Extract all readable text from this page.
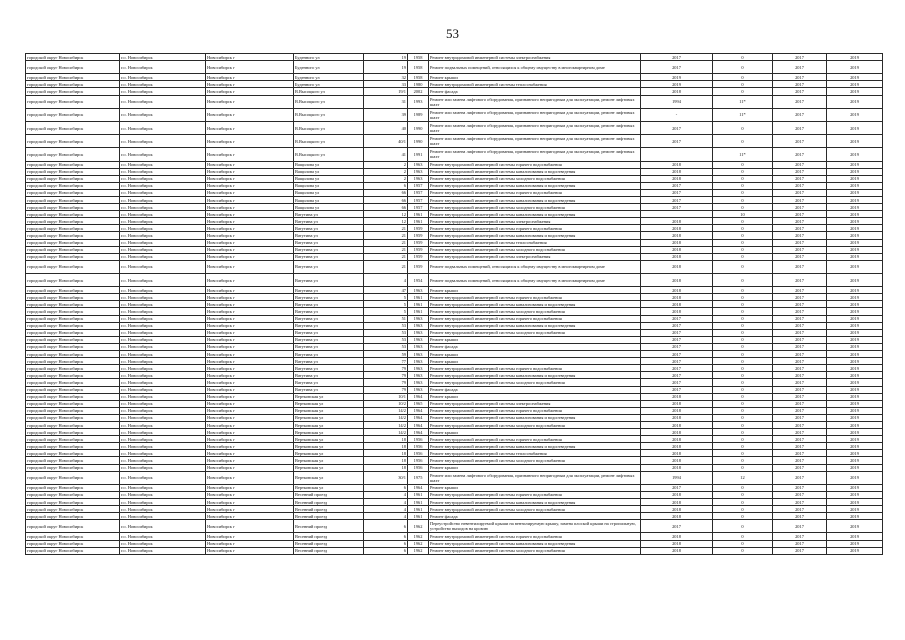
53
городской округ Новосибирск	г.о. Новосибирск	Новосибирск г	Буденного ул	19	1958	Ремонт внутридомовой инженерной системы электроснабжения	2017	0	2017	2019
городской округ Новосибирск	г.о. Новосибирск	Новосибирск г	Буденного ул	19	1958	Ремонт подвальных помещений, относящихся к общему имуществу в многоквартирном доме	2017	0	2017	2019
городской округ Новосибирск	г.о. Новосибирск	Новосибирск г	Буденного ул	32	1958	Ремонт крыши	2019	0	2017	2019
городской округ Новосибирск	г.о. Новосибирск	Новосибирск г	Буденного ул	33	1980	Ремонт внутридомовой инженерной системы теплоснабжения	2019	0	2017	2019
городской округ Новосибирск	г.о. Новосибирск	Новосибирск г	В.Высоцкого ул	19/1	2002	Ремонт фасада	2018	0	2017	2019
городской округ Новосибирск	г.о. Новосибирск	Новосибирск г	В.Высоцкого ул	31	1993	Ремонт или замена лифтового оборудования, признанного непригодным для эксплуатации, ремонт лифтовых шахт	1994	11*	2017	2019
городской округ Новосибирск	г.о. Новосибирск	Новосибирск г	В.Высоцкого ул	39	1989	Ремонт или замена лифтового оборудования, признанного непригодным для эксплуатации, ремонт лифтовых шахт	-	11*	2017	2019
городской округ Новосибирск	г.о. Новосибирск	Новосибирск г	В.Высоцкого ул	40	1990	Ремонт или замена лифтового оборудования, признанного непригодным для эксплуатации, ремонт лифтовых шахт	2017	0	2017	2019
городской округ Новосибирск	г.о. Новосибирск	Новосибирск г	В.Высоцкого ул	40/1	1990	Ремонт или замена лифтового оборудования, признанного непригодным для эксплуатации, ремонт лифтовых шахт	2017	0	2017	2019
городской округ Новосибирск	г.о. Новосибирск	Новосибирск г	В.Высоцкого ул	41	1991	Ремонт или замена лифтового оборудования, признанного непригодным для эксплуатации, ремонт лифтовых шахт		11*	2017	2019
городской округ Новосибирск	г.о. Новосибирск	Новосибирск г	Ващилова ул	2	1963	Ремонт внутридомовой инженерной системы горячего водоснабжения	2018	0	2017	2019
городской округ Новосибирск	г.о. Новосибирск	Новосибирск г	Ващилова ул	2	1963	Ремонт внутридомовой инженерной системы канализования и водоотведения	2018	0	2017	2019
городской округ Новосибирск	г.о. Новосибирск	Новосибирск г	Ващилова ул	2	1963	Ремонт внутридомовой инженерной системы холодного водоснабжения	2018	0	2017	2019
городской округ Новосибирск	г.о. Новосибирск	Новосибирск г	Ващилова ул	6	1957	Ремонт внутридомовой инженерной системы канализования и водоотведения	2017	0	2017	2019
городской округ Новосибирск	г.о. Новосибирск	Новосибирск г	Ващилова ул	66	1957	Ремонт внутридомовой инженерной системы горячего водоснабжения	2017	0	2017	2019
городской округ Новосибирск	г.о. Новосибирск	Новосибирск г	Ващилова ул	66	1957	Ремонт внутридомовой инженерной системы канализования и водоотведения	2017	0	2017	2019
городской округ Новосибирск	г.о. Новосибирск	Новосибирск г	Ващилова ул	66	1957	Ремонт внутридомовой инженерной системы холодного водоснабжения	2017	0	2017	2019
городской округ Новосибирск	г.о. Новосибирск	Новосибирск г	Ватутина ул	12	1961	Ремонт внутридомовой инженерной системы канализования и водоотведения		10	2017	2019
городской округ Новосибирск	г.о. Новосибирск	Новосибирск г	Ватутина ул	12	1961	Ремонт внутридомовой инженерной системы электроснабжения	2018	0	2017	2019
городской округ Новосибирск	г.о. Новосибирск	Новосибирск г	Ватутина ул	21	1959	Ремонт внутридомовой инженерной системы горячего водоснабжения	2018	0	2017	2019
городской округ Новосибирск	г.о. Новосибирск	Новосибирск г	Ватутина ул	21	1959	Ремонт внутридомовой инженерной системы канализования и водоотведения	2018	0	2017	2019
городской округ Новосибирск	г.о. Новосибирск	Новосибирск г	Ватутина ул	21	1959	Ремонт внутридомовой инженерной системы теплоснабжения	2018	0	2017	2019
городской округ Новосибирск	г.о. Новосибирск	Новосибирск г	Ватутина ул	21	1959	Ремонт внутридомовой инженерной системы холодного водоснабжения	2018	0	2017	2019
городской округ Новосибирск	г.о. Новосибирск	Новосибирск г	Ватутина ул	21	1959	Ремонт внутридомовой инженерной системы электроснабжения	2018	0	2017	2019
городской округ Новосибирск	г.о. Новосибирск	Новосибирск г	Ватутина ул	21	1959	Ремонт подвальных помещений, относящихся к общему имуществу в многоквартирном доме	2018	0	2017	2019
городской округ Новосибирск	г.о. Новосибирск	Новосибирск г	Ватутина ул	4	1954	Ремонт подвальных помещений, относящихся к общему имуществу в многоквартирном доме	2018	0	2017	2019
городской округ Новосибирск	г.о. Новосибирск	Новосибирск г	Ватутина ул	47	1963	Ремонт крыши	2018	0	2017	2019
городской округ Новосибирск	г.о. Новосибирск	Новосибирск г	Ватутина ул	5	1961	Ремонт внутридомовой инженерной системы горячего водоснабжения	2018	0	2017	2019
городской округ Новосибирск	г.о. Новосибирск	Новосибирск г	Ватутина ул	5	1961	Ремонт внутридомовой инженерной системы канализования и водоотведения	2018	0	2017	2019
городской округ Новосибирск	г.о. Новосибирск	Новосибирск г	Ватутина ул	5	1961	Ремонт внутридомовой инженерной системы холодного водоснабжения	2018	0	2017	2019
городской округ Новосибирск	г.о. Новосибирск	Новосибирск г	Ватутина ул	51	1963	Ремонт внутридомовой инженерной системы горячего водоснабжения	2017	0	2017	2019
городской округ Новосибирск	г.о. Новосибирск	Новосибирск г	Ватутина ул	53	1963	Ремонт внутридомовой инженерной системы канализования и водоотведения	2017	0	2017	2019
городской округ Новосибирск	г.о. Новосибирск	Новосибирск г	Ватутина ул	53	1963	Ремонт внутридомовой инженерной системы холодного водоснабжения	2017	0	2017	2019
городской округ Новосибирск	г.о. Новосибирск	Новосибирск г	Ватутина ул	53	1963	Ремонт крыши	2017	0	2017	2019
городской округ Новосибирск	г.о. Новосибирск	Новосибирск г	Ватутина ул	53	1963	Ремонт фасада	2017	0	2017	2019
городской округ Новосибирск	г.о. Новосибирск	Новосибирск г	Ватутина ул	59	1963	Ремонт крыши	2017	0	2017	2019
городской округ Новосибирск	г.о. Новосибирск	Новосибирск г	Ватутина ул	77	1963	Ремонт крыши	2017	0	2017	2019
городской округ Новосибирск	г.о. Новосибирск	Новосибирск г	Ватутина ул	79	1963	Ремонт внутридомовой инженерной системы горячего водоснабжения	2017	0	2017	2019
городской округ Новосибирск	г.о. Новосибирск	Новосибирск г	Ватутина ул	79	1963	Ремонт внутридомовой инженерной системы канализования и водоотведения	2017	0	2017	2019
городской округ Новосибирск	г.о. Новосибирск	Новосибирск г	Ватутина ул	79	1963	Ремонт внутридомовой инженерной системы холодного водоснабжения	2017	0	2017	2019
городской округ Новосибирск	г.о. Новосибирск	Новосибирск г	Ватутина ул	79	1963	Ремонт фасада	2017	0	2017	2019
городской округ Новосибирск	г.о. Новосибирск	Новосибирск г	Вертковская ул	10/1	1964	Ремонт крыши	2018	0	2017	2019
городской округ Новосибирск	г.о. Новосибирск	Новосибирск г	Вертковская ул	10/2	1965	Ремонт внутридомовой инженерной системы электроснабжения	2018	0	2017	2019
городской округ Новосибирск	г.о. Новосибирск	Новосибирск г	Вертковская ул	14/2	1964	Ремонт внутридомовой инженерной системы горячего водоснабжения	2018	0	2017	2019
городской округ Новосибирск	г.о. Новосибирск	Новосибирск г	Вертковская ул	14/2	1964	Ремонт внутридомовой инженерной системы канализования и водоотведения	2018	0	2017	2019
городской округ Новосибирск	г.о. Новосибирск	Новосибирск г	Вертковская ул	14/2	1964	Ремонт внутридомовой инженерной системы холодного водоснабжения	2018	0	2017	2019
городской округ Новосибирск	г.о. Новосибирск	Новосибирск г	Вертковская ул	14/2	1964	Ремонт крыши	2018	0	2017	2019
городской округ Новосибирск	г.о. Новосибирск	Новосибирск г	Вертковская ул	18	1956	Ремонт внутридомовой инженерной системы горячего водоснабжения	2018	0	2017	2019
городской округ Новосибирск	г.о. Новосибирск	Новосибирск г	Вертковская ул	18	1956	Ремонт внутридомовой инженерной системы канализования и водоотведения	2018	0	2017	2019
городской округ Новосибирск	г.о. Новосибирск	Новосибирск г	Вертковская ул	18	1956	Ремонт внутридомовой инженерной системы теплоснабжения	2018	0	2017	2019
городской округ Новосибирск	г.о. Новосибирск	Новосибирск г	Вертковская ул	18	1956	Ремонт внутридомовой инженерной системы холодного водоснабжения	2018	0	2017	2019
городской округ Новосибирск	г.о. Новосибирск	Новосибирск г	Вертковская ул	18	1956	Ремонт крыши	2018	0	2017	2019
городской округ Новосибирск	г.о. Новосибирск	Новосибирск г	Вертковская ул	30/1	1975	Ремонт или замена лифтового оборудования, признанного непригодным для эксплуатации, ремонт лифтовых шахт	1994	12	2017	2019
городской округ Новосибирск	г.о. Новосибирск	Новосибирск г	Вертковская ул	6	1964	Ремонт крыши	2017	0	2017	2019
городской округ Новосибирск	г.о. Новосибирск	Новосибирск г	Весенний проезд	4	1961	Ремонт внутридомовой инженерной системы горячего водоснабжения	2018	0	2017	2019
городской округ Новосибирск	г.о. Новосибирск	Новосибирск г	Весенний проезд	4	1961	Ремонт внутридомовой инженерной системы канализования и водоотведения	2018	0	2017	2019
городской округ Новосибирск	г.о. Новосибирск	Новосибирск г	Весенний проезд	4	1961	Ремонт внутридомовой инженерной системы холодного водоснабжения	2018	0	2017	2019
городской округ Новосибирск	г.о. Новосибирск	Новосибирск г	Весенний проезд	4	1961	Ремонт фасада	2018	0	2017	2019
городской округ Новосибирск	г.о. Новосибирск	Новосибирск г	Весенний проезд	6	1962	Переустройство невентилируемой крыши на вентилируемую крышу, замена плоской крыши на стропильную, устройство выходов на кровлю	2017	0	2017	2019
городской округ Новосибирск	г.о. Новосибирск	Новосибирск г	Весенний проезд	6	1962	Ремонт внутридомовой инженерной системы горячего водоснабжения	2018	0	2017	2019
городской округ Новосибирск	г.о. Новосибирск	Новосибирск г	Весенний проезд	6	1962	Ремонт внутридомовой инженерной системы канализования и водоотведения	2018	0	2017	2019
городской округ Новосибирск	г.о. Новосибирск	Новосибирск г	Весенний проезд	6	1962	Ремонт внутридомовой инженерной системы холодного водоснабжения	2018	0	2017	2019
